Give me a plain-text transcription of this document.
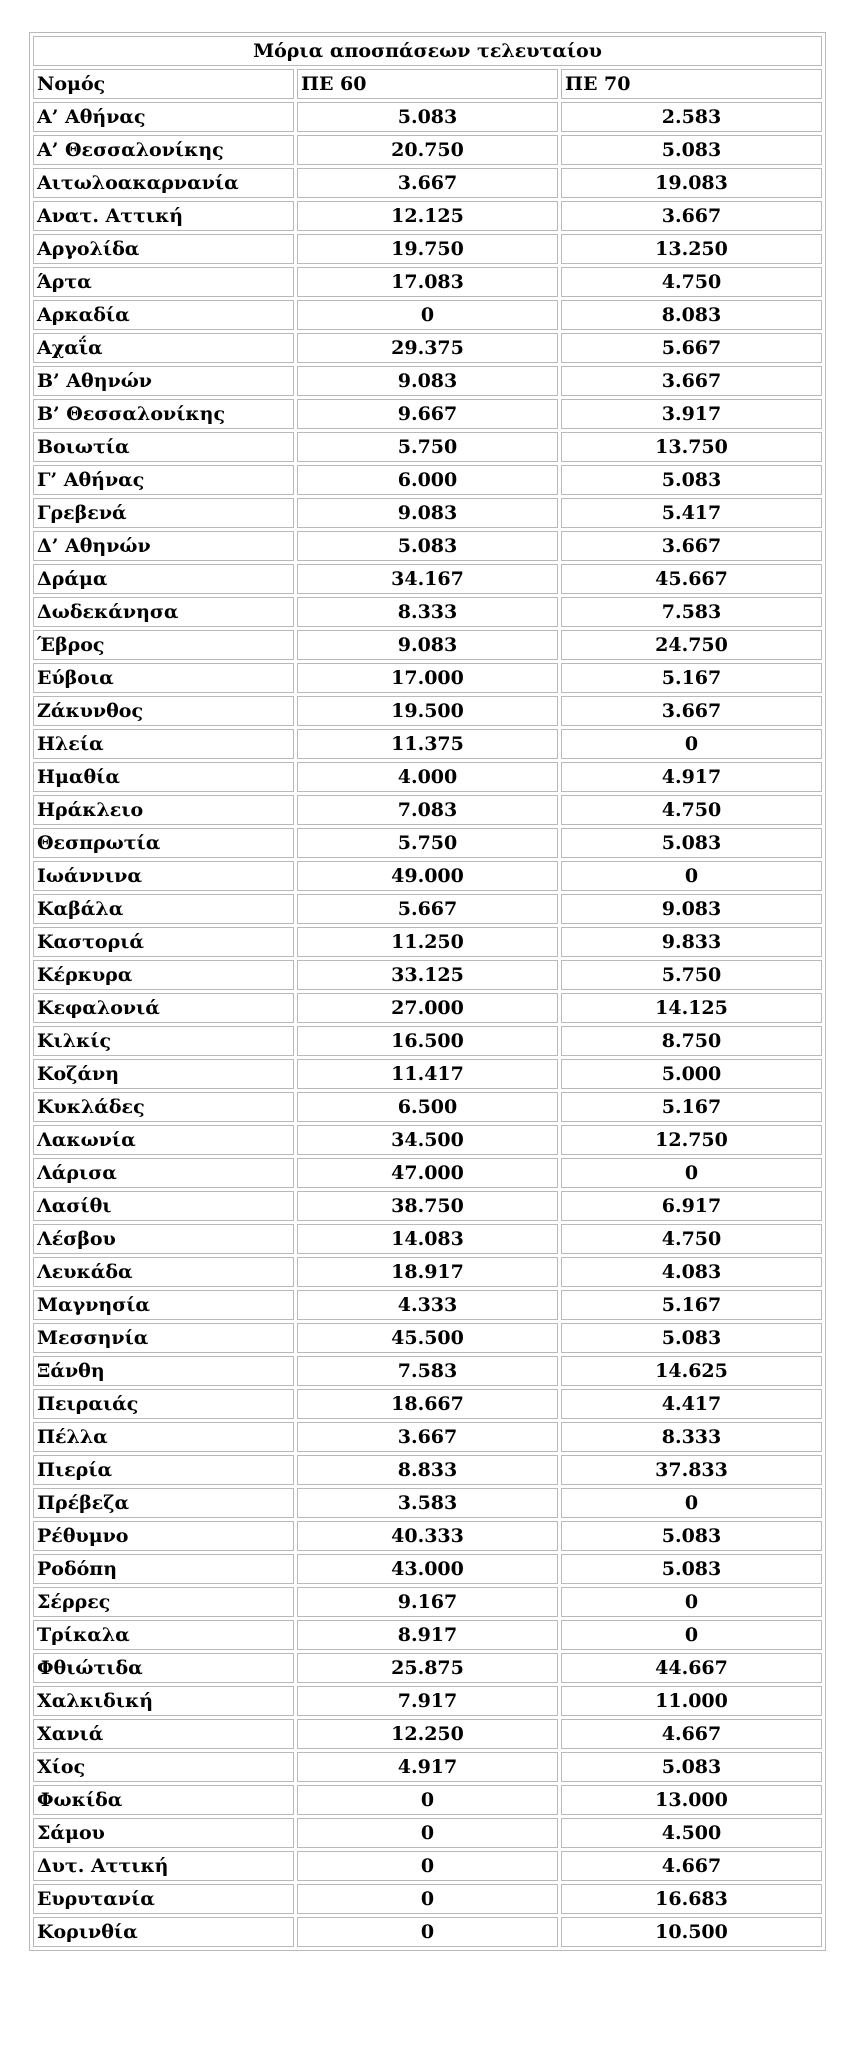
Μόρια αποσπάσεων τελευταίου		
Νομός	ΠΕ 60	ΠΕ 70
Α’ Αθήνας	5.083	2.583
Α’ Θεσσαλονίκης	20.750	5.083
Αιτωλοακαρνανία	3.667	19.083
Ανατ. Αττική	12.125	3.667
Αργολίδα	19.750	13.250
Άρτα	17.083	4.750
Αρκαδία	0	8.083
Αχαΐα	29.375	5.667
Β’ Αθηνών	9.083	3.667
Β’ Θεσσαλονίκης	9.667	3.917
Βοιωτία	5.750	13.750
Γ’ Αθήνας	6.000	5.083
Γρεβενά	9.083	5.417
Δ’ Αθηνών	5.083	3.667
Δράμα	34.167	45.667
Δωδεκάνησα	8.333	7.583
Έβρος	9.083	24.750
Εύβοια	17.000	5.167
Ζάκυνθος	19.500	3.667
Ηλεία	11.375	0
Ημαθία	4.000	4.917
Ηράκλειο	7.083	4.750
Θεσπρωτία	5.750	5.083
Ιωάννινα	49.000	0
Καβάλα	5.667	9.083
Καστοριά	11.250	9.833
Κέρκυρα	33.125	5.750
Κεφαλονιά	27.000	14.125
Κιλκίς	16.500	8.750
Κοζάνη	11.417	5.000
Κυκλάδες	6.500	5.167
Λακωνία	34.500	12.750
Λάρισα	47.000	0
Λασίθι	38.750	6.917
Λέσβου	14.083	4.750
Λευκάδα	18.917	4.083
Μαγνησία	4.333	5.167
Μεσσηνία	45.500	5.083
Ξάνθη	7.583	14.625
Πειραιάς	18.667	4.417
Πέλλα	3.667	8.333
Πιερία	8.833	37.833
Πρέβεζα	3.583	0
Ρέθυμνο	40.333	5.083
Ροδόπη	43.000	5.083
Σέρρες	9.167	0
Τρίκαλα	8.917	0
Φθιώτιδα	25.875	44.667
Χαλκιδική	7.917	11.000
Χανιά	12.250	4.667
Χίος	4.917	5.083
Φωκίδα	0	13.000
Σάμου	0	4.500
Δυτ. Αττική	0	4.667
Ευρυτανία	0	16.683
Κορινθία	0	10.500
